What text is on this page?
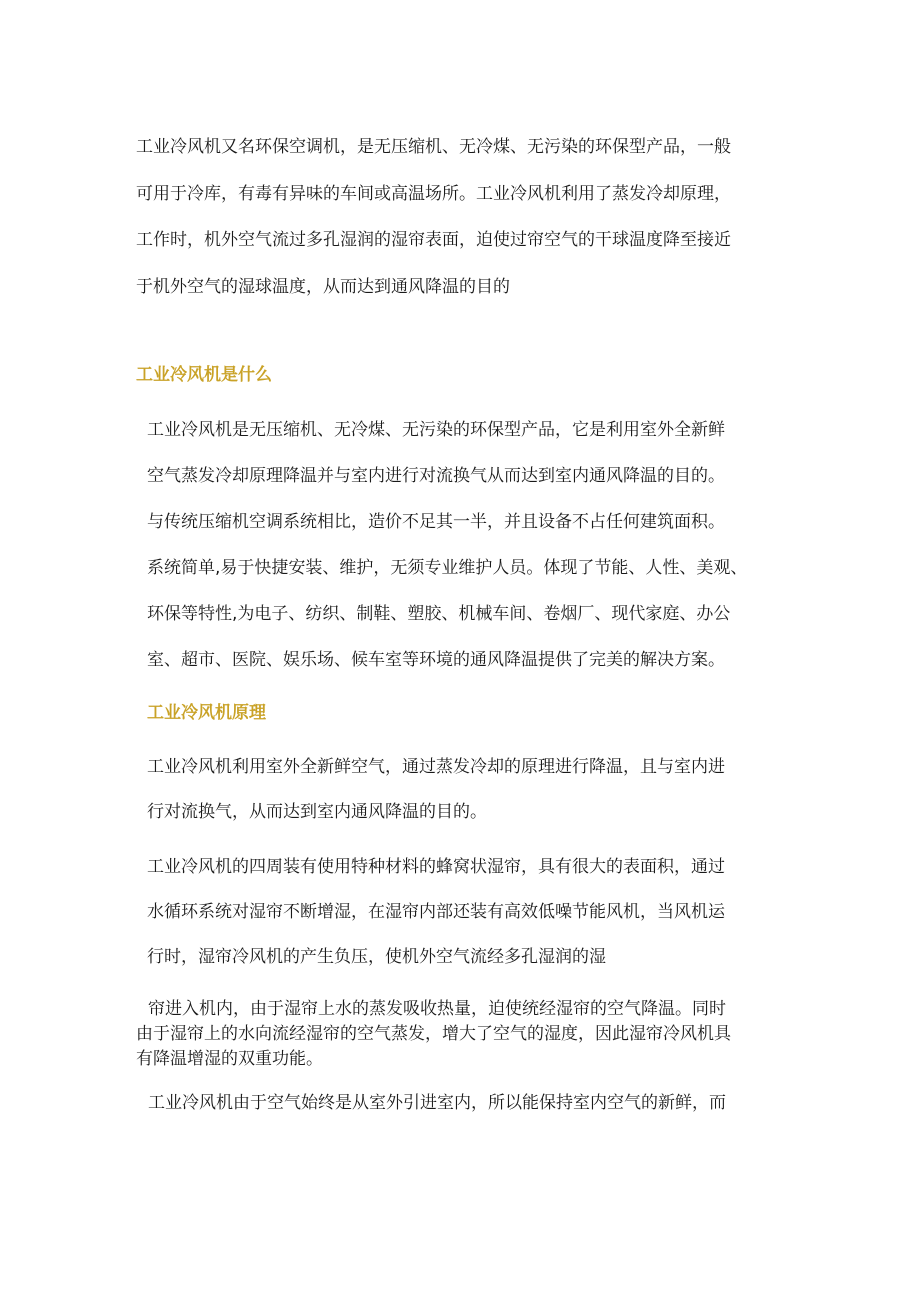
工业冷风机又名环保空调机，是无压缩机、无冷煤、无污染的环保型产品，一般
可用于冷库，有毒有异味的车间或高温场所。工业冷风机利用了蒸发冷却原理，
工作时，机外空气流过多孔湿润的湿帘表面，迫使过帘空气的干球温度降至接近
于机外空气的湿球温度，从而达到通风降温的目的

工业冷风机是什么

工业冷风机是无压缩机、无冷煤、无污染的环保型产品，它是利用室外全新鲜
空气蒸发冷却原理降温并与室内进行对流换气从而达到室内通风降温的目的。
与传统压缩机空调系统相比，造价不足其一半，并且设备不占任何建筑面积。
系统简单,易于快捷安装、维护，无须专业维护人员。体现了节能、人性、美观、
环保等特性,为电子、纺织、制鞋、塑胶、机械车间、卷烟厂、现代家庭、办公
室、超市、医院、娱乐场、候车室等环境的通风降温提供了完美的解决方案。

工业冷风机原理

工业冷风机利用室外全新鲜空气，通过蒸发冷却的原理进行降温，且与室内进
行对流换气，从而达到室内通风降温的目的。

工业冷风机的四周装有使用特种材料的蜂窝状湿帘，具有很大的表面积，通过
水循环系统对湿帘不断增湿，在湿帘内部还装有高效低噪节能风机，当风机运
行时，湿帘冷风机的产生负压，使机外空气流经多孔湿润的湿

帘进入机内，由于湿帘上水的蒸发吸收热量，迫使统经湿帘的空气降温。同时
由于湿帘上的水向流经湿帘的空气蒸发，增大了空气的湿度，因此湿帘冷风机具
有降温增湿的双重功能。

工业冷风机由于空气始终是从室外引进室内，所以能保持室内空气的新鲜，而
